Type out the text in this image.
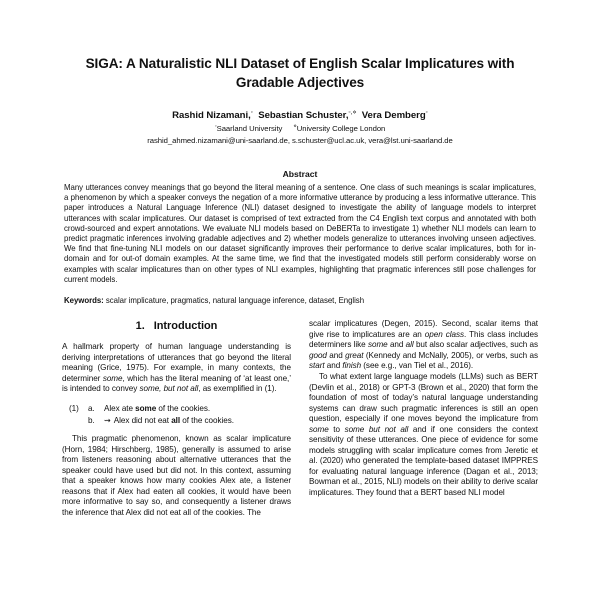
SIGA: A Naturalistic NLI Dataset of English Scalar Implicatures with Gradable Adjectives
Rashid Nizamani,◦ Sebastian Schuster,◦,⋄ Vera Demberg◦
◦Saarland University ⋄University College London
rashid_ahmed.nizamani@uni-saarland.de, s.schuster@ucl.ac.uk, vera@lst.uni-saarland.de
Abstract

Many utterances convey meanings that go beyond the literal meaning of a sentence. One class of such meanings is scalar implicatures, a phenomenon by which a speaker conveys the negation of a more informative utterance by producing a less informative utterance. This paper introduces a Natural Language Inference (NLI) dataset designed to investigate the ability of language models to interpret utterances with scalar implicatures. Our dataset is comprised of text extracted from the C4 English text corpus and annotated with both crowd-sourced and expert annotations. We evaluate NLI models based on DeBERTa to investigate 1) whether NLI models can learn to predict pragmatic inferences involving gradable adjectives and 2) whether models generalize to utterances involving unseen adjectives. We find that fine-tuning NLI models on our dataset significantly improves their performance to derive scalar implicatures, both for in-domain and for out-of domain examples. At the same time, we find that the investigated models still perform considerably worse on examples with scalar implicatures than on other types of NLI examples, highlighting that pragmatic inferences still pose challenges for current models.

Keywords: scalar implicature, pragmatics, natural language inference, dataset, English
1. Introduction

A hallmark property of human language understanding is deriving interpretations of utterances that go beyond the literal meaning (Grice, 1975). For example, in many contexts, the determiner some, which has the literal meaning of ‘at least one,’ is intended to convey some, but not all, as exemplified in (1).

(1)	a.	Alex ate some of the cookies.
b.	⇝ Alex did not eat all of the cookies.

This pragmatic phenomenon, known as scalar implicature (Horn, 1984; Hirschberg, 1985), generally is assumed to arise from listeners reasoning about alternative utterances that the speaker could have used but did not. In this context, assuming that a speaker knows how many cookies Alex ate, a listener reasons that if Alex had eaten all cookies, it would have been more informative to say so, and consequently a listener draws the inference that Alex did not eat all of the cookies. The

scalar implicatures (Degen, 2015). Second, scalar items that give rise to implicatures are an open class. This class includes determiners like some and all but also scalar adjectives, such as good and great (Kennedy and McNally, 2005), or verbs, such as start and finish (see e.g., van Tiel et al., 2016).

To what extent large language models (LLMs) such as BERT (Devlin et al., 2018) or GPT-3 (Brown et al., 2020) that form the foundation of most of today’s natural language understanding systems can draw such pragmatic inferences is still an open question, especially if one moves beyond the implicature from some to some but not all and if one considers the context sensitivity of these utterances. One piece of evidence for some models struggling with scalar implicature comes from Jeretic et al. (2020) who generated the template-based dataset IMPPRES for evaluating natural language inference (Dagan et al., 2013; Bowman et al., 2015, NLI) models on their ability to derive scalar implicatures. They found that a BERT based NLI model
